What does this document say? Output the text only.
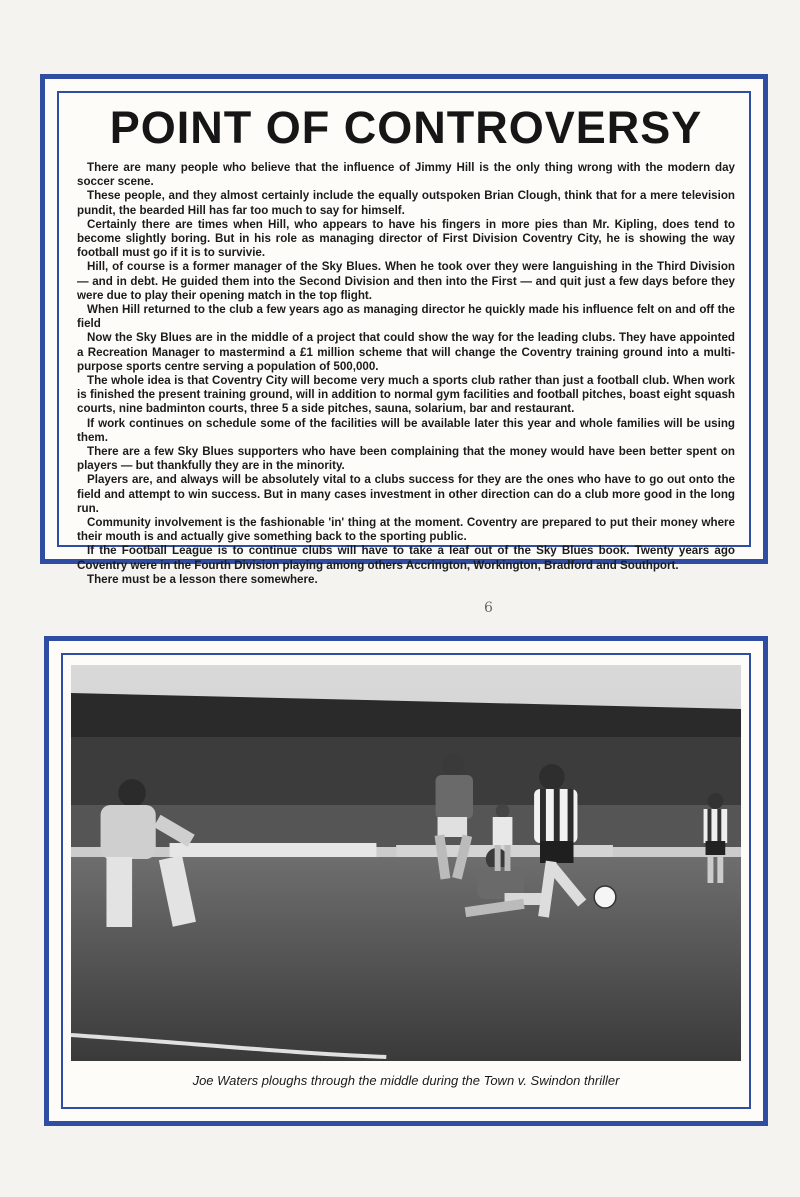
POINT OF CONTROVERSY

There are many people who believe that the influence of Jimmy Hill is the only thing wrong with the modern day soccer scene.

These people, and they almost certainly include the equally outspoken Brian Clough, think that for a mere television pundit, the bearded Hill has far too much to say for himself.

Certainly there are times when Hill, who appears to have his fingers in more pies than Mr. Kipling, does tend to become slightly boring. But in his role as managing director of First Division Coventry City, he is showing the way football must go if it is to survivie.

Hill, of course is a former manager of the Sky Blues. When he took over they were languishing in the Third Division — and in debt. He guided them into the Second Division and then into the First — and quit just a few days before they were due to play their opening match in the top flight.

When Hill returned to the club a few years ago as managing director he quickly made his influence felt on and off the field

Now the Sky Blues are in the middle of a project that could show the way for the leading clubs. They have appointed a Recreation Manager to mastermind a £1 million scheme that will change the Coventry training ground into a multi-purpose sports centre serving a population of 500,000.

The whole idea is that Coventry City will become very much a sports club rather than just a football club. When work is finished the present training ground, will in addition to normal gym facilities and football pitches, boast eight squash courts, nine badminton courts, three 5 a side pitches, sauna, solarium, bar and restaurant.

If work continues on schedule some of the facilities will be available later this year and whole families will be using them.

There are a few Sky Blues supporters who have been complaining that the money would have been better spent on players — but thankfully they are in the minority.

Players are, and always will be absolutely vital to a clubs success for they are the ones who have to go out onto the field and attempt to win success. But in many cases investment in other direction can do a club more good in the long run.

Community involvement is the fashionable 'in' thing at the moment. Coventry are prepared to put their money where their mouth is and actually give something back to the sporting public.

If the Football League is to continue clubs will have to take a leaf out of the Sky Blues book. Twenty years ago Coventry were in the Fourth Division playing among others Accrington, Workington, Bradford and Southport.

There must be a lesson there somewhere.

6
Joe Waters ploughs through the middle during the Town v. Swindon thriller
